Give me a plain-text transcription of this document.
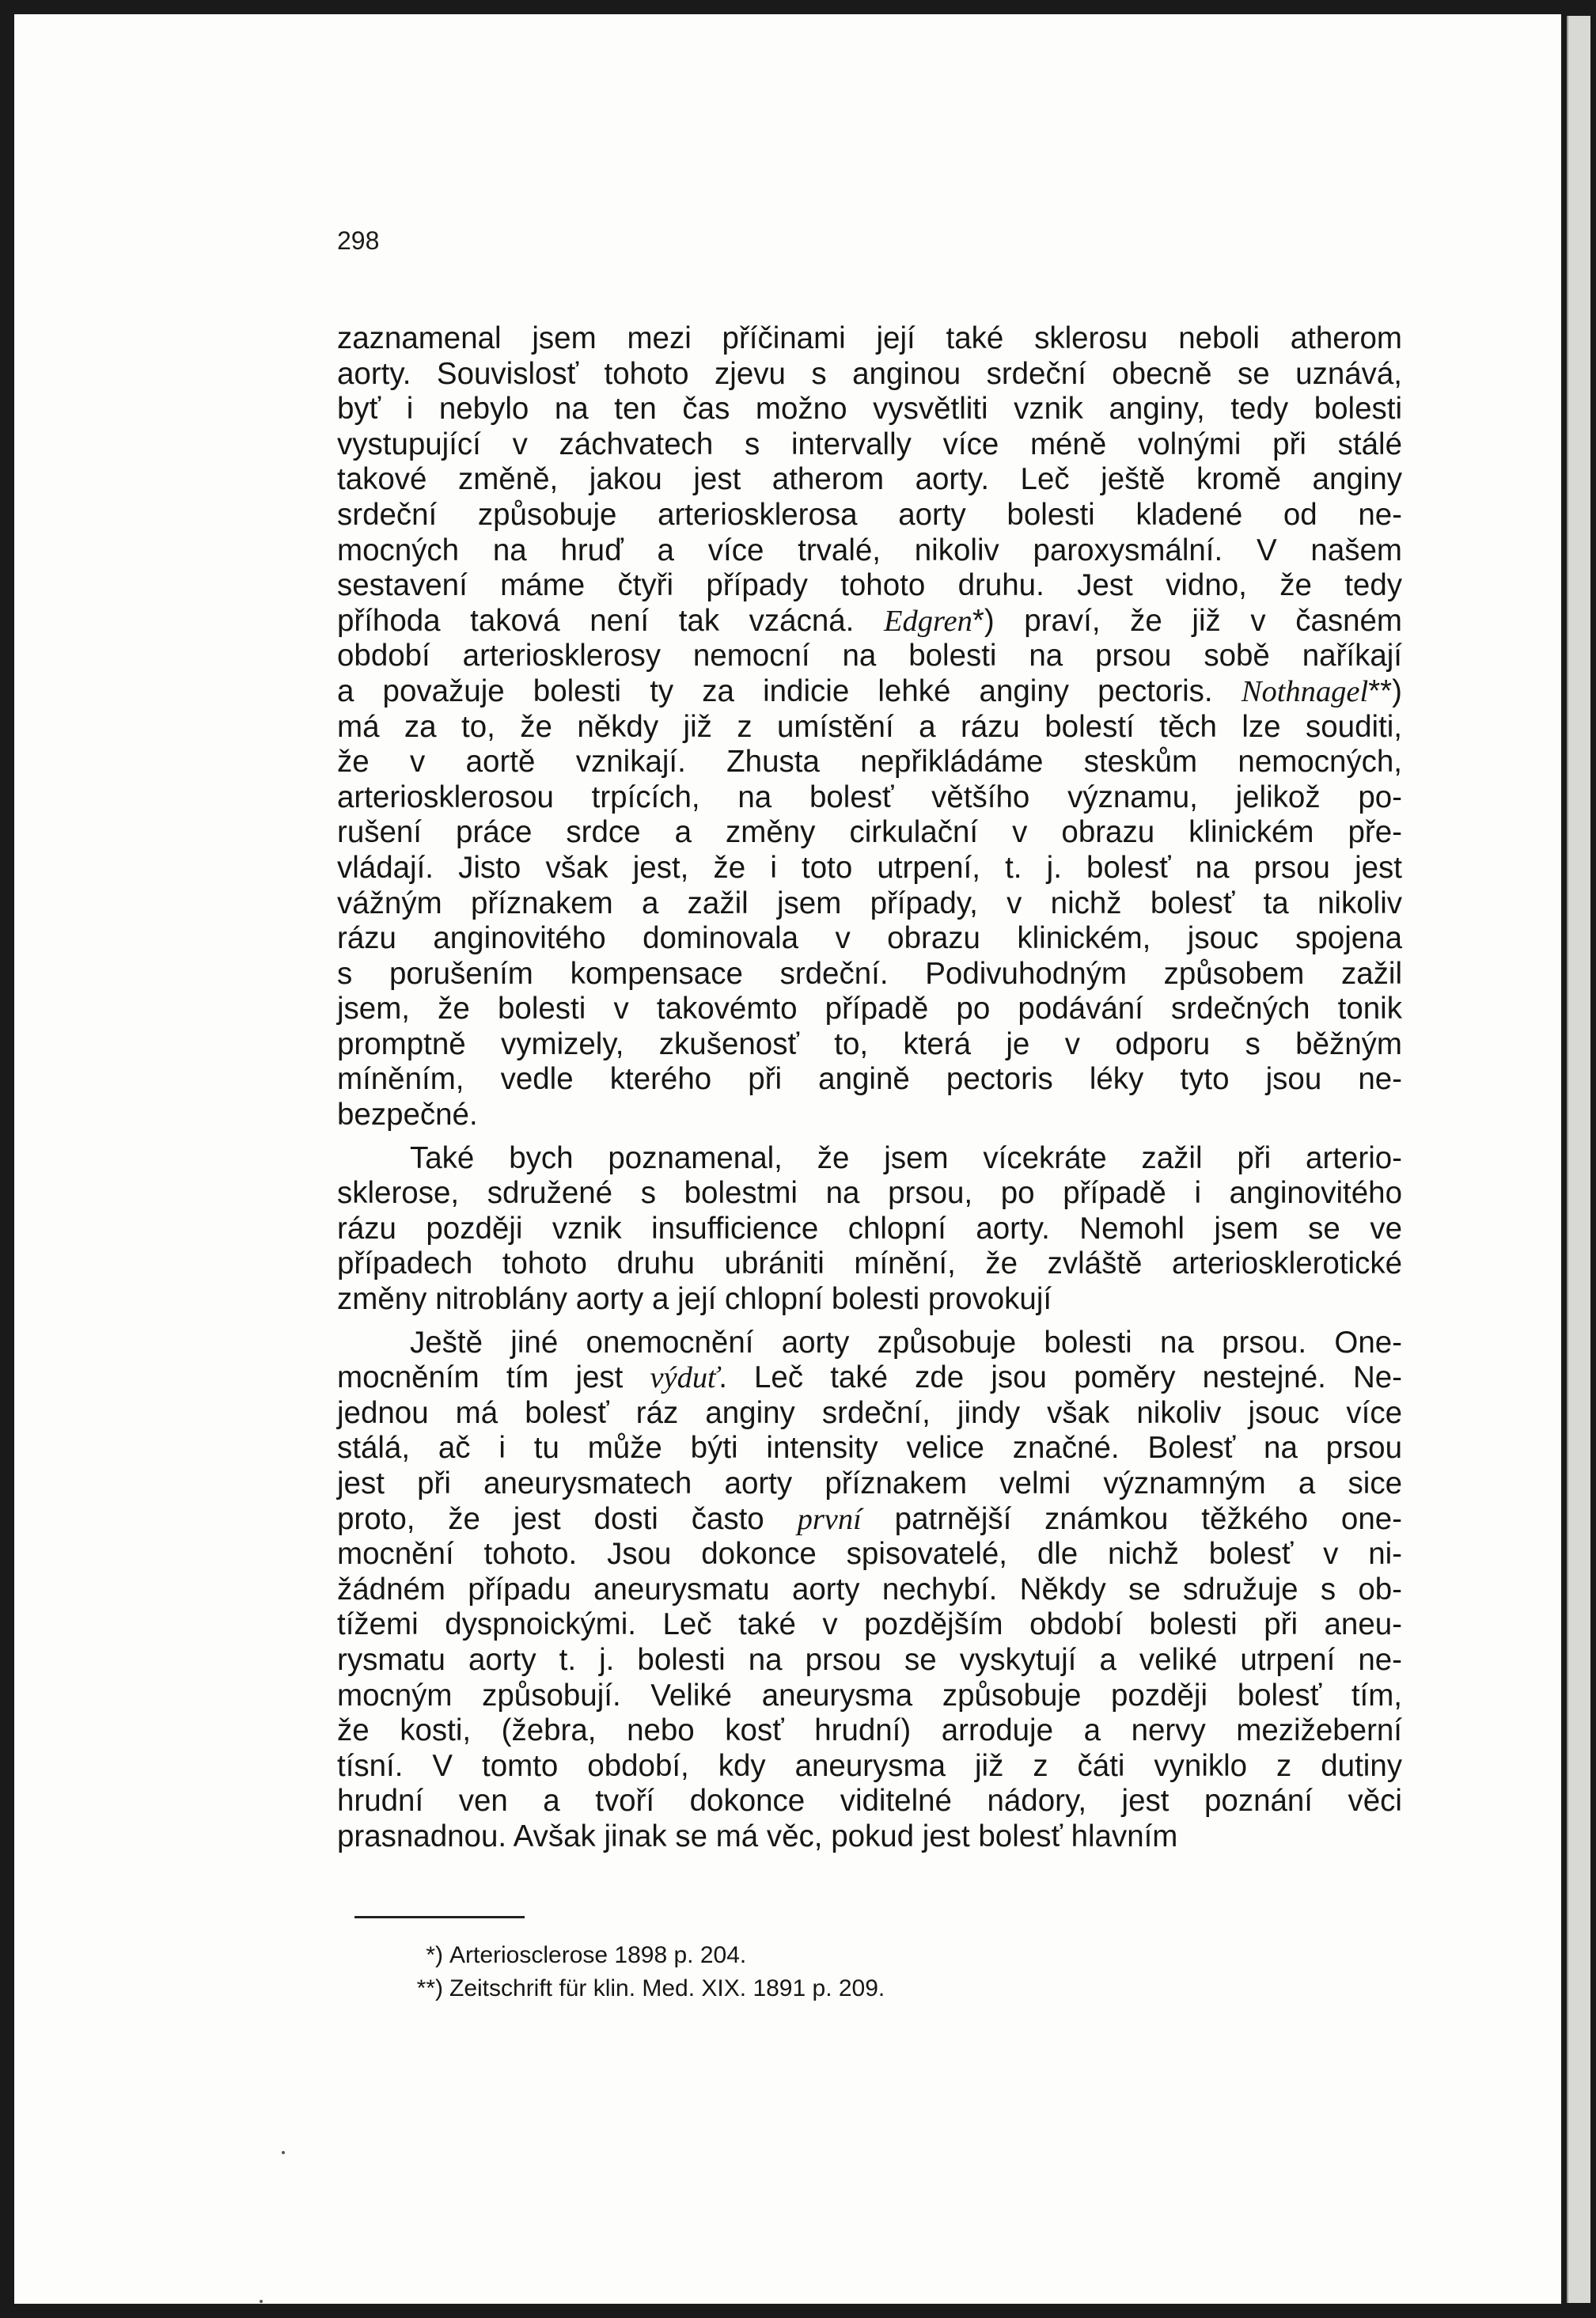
298
zaznamenal jsem mezi příčinami její také sklerosu neboli atherom
aorty. Souvislosť tohoto zjevu s anginou srdeční obecně se uznává,
byť i nebylo na ten čas možno vysvětliti vznik anginy, tedy bolesti
vystupující v záchvatech s intervally více méně volnými při stálé
takové změně, jakou jest atherom aorty. Leč ještě kromě anginy
srdeční způsobuje arteriosklerosa aorty bolesti kladené od ne-
mocných na hruď a více trvalé, nikoliv paroxysmální. V našem
sestavení máme čtyři případy tohoto druhu. Jest vidno, že tedy
příhoda taková není tak vzácná. Edgren*) praví, že již v časném
období arteriosklerosy nemocní na bolesti na prsou sobě naříkají
a považuje bolesti ty za indicie lehké anginy pectoris. Nothnagel**)
má za to, že někdy již z umístění a rázu bolestí těch lze souditi,
že v aortě vznikají. Zhusta nepřikládáme steskům nemocných,
arteriosklerosou trpících, na bolesť většího významu, jelikož po-
rušení práce srdce a změny cirkulační v obrazu klinickém pře-
vládají. Jisto však jest, že i toto utrpení, t. j. bolesť na prsou jest
vážným příznakem a zažil jsem případy, v nichž bolesť ta nikoliv
rázu anginovitého dominovala v obrazu klinickém, jsouc spojena
s porušením kompensace srdeční. Podivuhodným způsobem zažil
jsem, že bolesti v takovémto případě po podávání srdečných tonik
promptně vymizely, zkušenosť to, která je v odporu s běžným
míněním, vedle kterého při angině pectoris léky tyto jsou ne-
bezpečné.
Také bych poznamenal, že jsem vícekráte zažil při arterio-
sklerose, sdružené s bolestmi na prsou, po případě i anginovitého
rázu později vznik insufficience chlopní aorty. Nemohl jsem se ve
případech tohoto druhu ubrániti mínění, že zvláště arteriosklerotické
změny nitroblány aorty a její chlopní bolesti provokují
Ještě jiné onemocnění aorty způsobuje bolesti na prsou. One-
mocněním tím jest výduť. Leč také zde jsou poměry nestejné. Ne-
jednou má bolesť ráz anginy srdeční, jindy však nikoliv jsouc více
stálá, ač i tu může býti intensity velice značné. Bolesť na prsou
jest při aneurysmatech aorty příznakem velmi významným a sice
proto, že jest dosti často první patrnější známkou těžkého one-
mocnění tohoto. Jsou dokonce spisovatelé, dle nichž bolesť v ni-
žádném případu aneurysmatu aorty nechybí. Někdy se sdružuje s ob-
tížemi dyspnoickými. Leč také v pozdějším období bolesti při aneu-
rysmatu aorty t. j. bolesti na prsou se vyskytují a veliké utrpení ne-
mocným způsobují. Veliké aneurysma způsobuje později bolesť tím,
že kosti, (žebra, nebo kosť hrudní) arroduje a nervy mezižeberní
tísní. V tomto období, kdy aneurysma již z čáti vyniklo z dutiny
hrudní ven a tvoří dokonce viditelné nádory, jest poznání věci
prasnadnou. Avšak jinak se má věc, pokud jest bolesť hlavním
*) Arteriosclerose 1898 p. 204.
**) Zeitschrift für klin. Med. XIX. 1891 p. 209.
